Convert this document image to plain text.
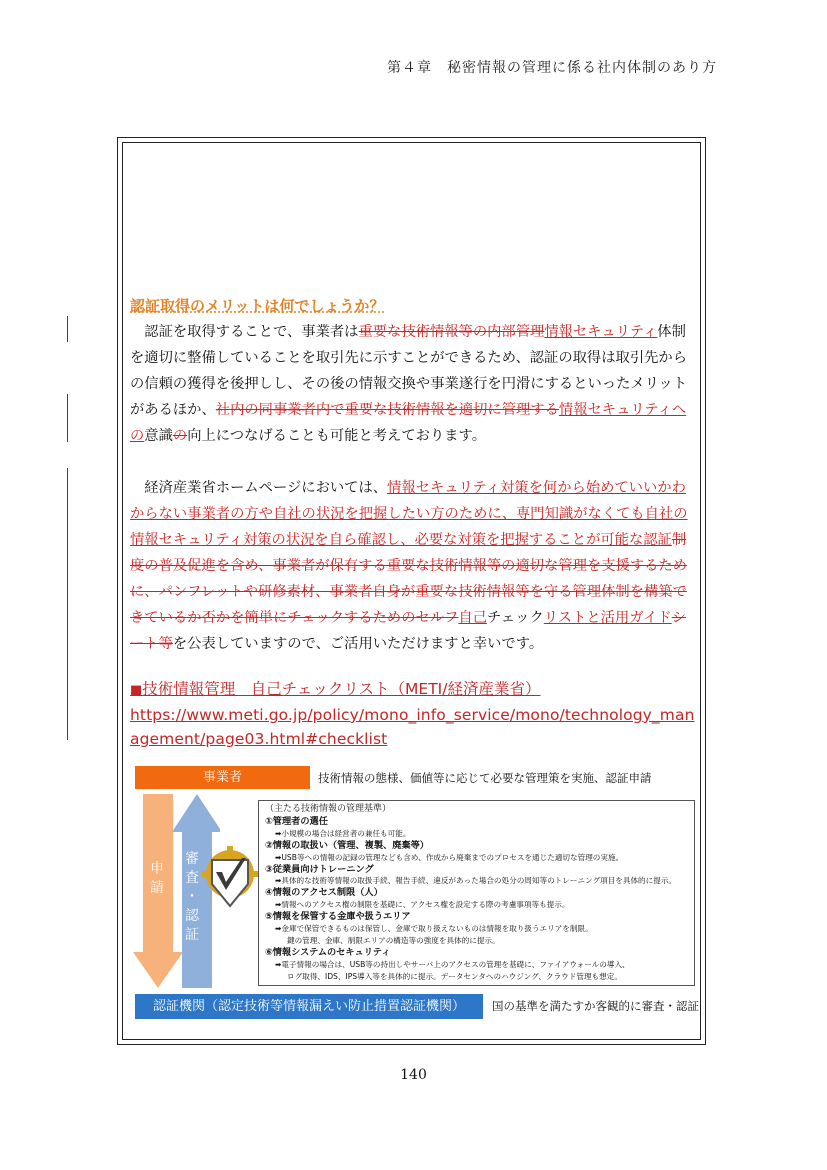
第４章　秘密情報の管理に係る社内体制のあり方
認証取得のメリットは何でしょうか？

　認証を取得することで、事業者は重要な技術情報等の内部管理情報セキュリティ体制を適切に整備していることを取引先に示すことができるため、認証の取得は取引先からの信頼の獲得を後押しし、その後の情報交換や事業遂行を円滑にするといったメリットがあるほか、社内の同事業者内で重要な技術情報を適切に管理する情報セキュリティへの意識の向上につなげることも可能と考えております。

　経済産業省ホームページにおいては、情報セキュリティ対策を何から始めていいかわからない事業者の方や自社の状況を把握したい方のために、専門知識がなくても自社の情報セキュリティ対策の状況を自ら確認し、必要な対策を把握することが可能な認証制度の普及促進を含め、事業者が保有する重要な技術情報等の適切な管理を支援するために、パンフレットや研修素材、事業者自身が重要な技術情報等を守る管理体制を構築できているか否かを簡単にチェックするためのセルフ自己チェックリストと活用ガイドシート等を公表していますので、ご活用いただけますと幸いです。

■技術情報管理　自己チェックリスト（METI/経済産業省）
https://www.meti.go.jp/policy/mono_info_service/mono/technology_management/page03.html#checklist
事業者	技術情報の態様、価値等に応じて必要な管理策を実施、認証申請
申
請
審
査
・
認
証
（主たる技術情報の管理基準）
①管理者の選任
➡小規模の場合は経営者の兼任も可能。
②情報の取扱い（管理、複製、廃棄等）
➡USB等への情報の記録の管理なども含め、作成から廃棄までのプロセスを通じた適切な管理の実施。
③従業員向けトレーニング
➡具体的な技術等情報の取扱手続、報告手続、違反があった場合の処分の周知等のトレーニング項目を具体的に提示。
④情報のアクセス制限（人）
➡情報へのアクセス権の制限を基礎に、アクセス権を設定する際の考慮事項等も提示。
⑤情報を保管する金庫や扱うエリア
➡金庫で保管できるものは保管し、金庫で取り扱えないものは情報を取り扱うエリアを制限。
鍵の管理、金庫、制限エリアの構造等の強度を具体的に提示。
⑥情報システムのセキュリティ
➡電子情報の場合は、USB等の持出しやサーバ上のアクセスの管理を基礎に、ファイアウォールの導入、
ログ取得、IDS、IPS導入等を具体的に提示。データセンタへのハウジング、クラウド管理も想定。
認証機関（認定技術等情報漏えい防止措置認証機関）	国の基準を満たすか客観的に審査・認証
140
